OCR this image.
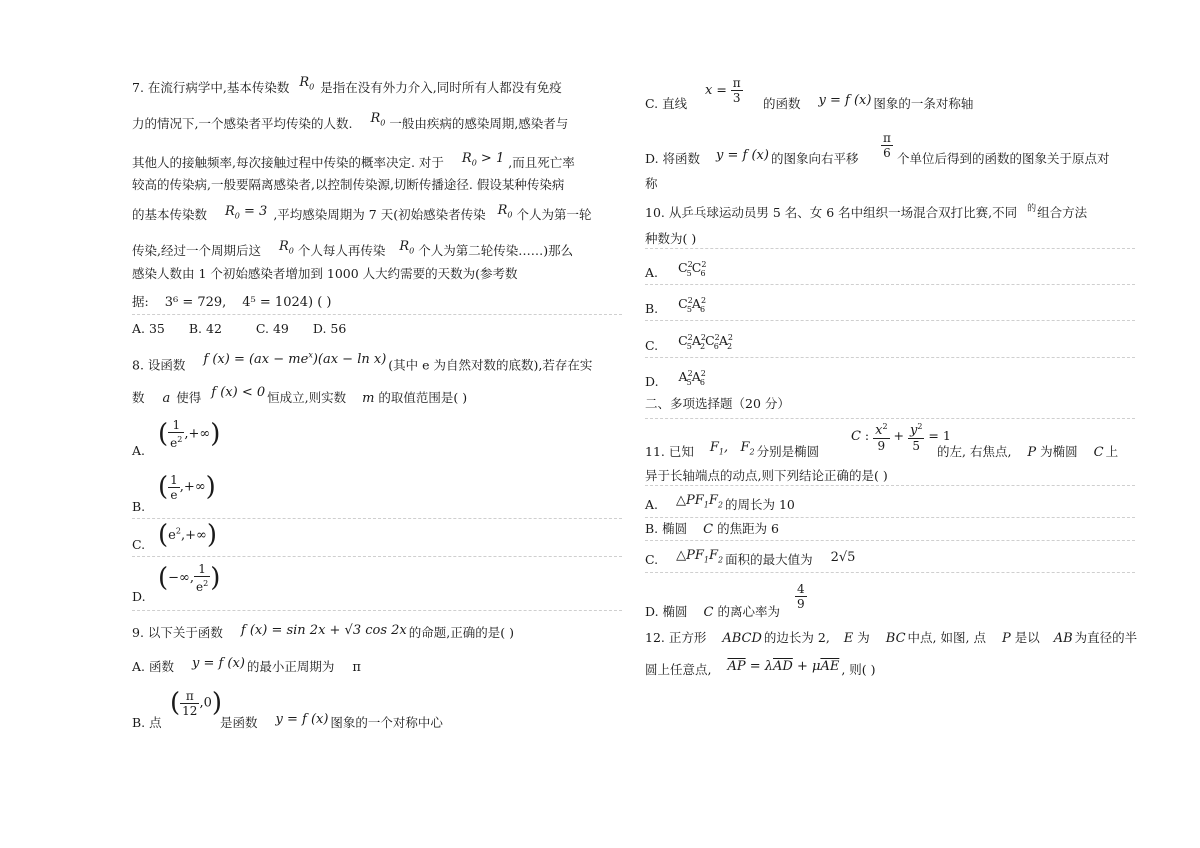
7. 在流行病学中,基本传染数 $R_0$ 是指在没有外力介入,同时所有人都没有免疫
力的情况下,一个感染者平均传染的人数. $R_0$ 一般由疾病的感染周期,感染者与
其他人的接触频率,每次接触过程中传染的概率决定. 对于 $R_0 > 1$ ,而且死亡率
较高的传染病,一般要隔离感染者,以控制传染源,切断传播途径. 假设某种传染病
的基本传染数 $R_0 = 3$ ,平均感染周期为 7 天(初始感染者传染 $R_0$ 个人为第一轮
传染,经过一个周期后这 $R_0$ 个人每人再传染 $R_0$ 个人为第二轮传染……)那么
感染人数由 1 个初始感染者增加到 1000 人大约需要的天数为(参考数
据: 3⁶ = 729, 4⁵ = 1024) ( )
A. 35 B. 42	C. 49 D. 56
8. 设函数 f $(x) = (ax - me^x)(ax - \ln x)$ (其中 e 为自然对数的底数),若存在实
数 a 使得 f (x) < 0 恒成立,则实数 m 的取值范围是( )
A.
( $\frac{1}{e^2}$ ,+∞)
B.
( $\frac{1}{e}$ ,+∞)
C. $(e^2,+\infty)$
D.
(−∞, $\frac{1}{e^2}$ )
9. 以下关于函数 f (x) = sin 2x + √3 cos 2x 的命题,正确的是( )
A. 函数 y = f (x) 的最小正周期为 π
B. 点
( $\frac{\pi}{12} ,0$)
是函数 y = f (x) 图象的一个对称中心
C. 直线
$x = \frac{\pi}{3}$ 的函数 y = f (x) 图象的一条对称轴
D. 将函数 y = f (x) 的图象向右平移 $\frac{\pi}{6}$ 个单位后得到的函数的图象关于原点对
称
10. 从乒乓球运动员男 5 名、女 6 名中组织一场混合双打比赛,不同 $^的$组合方法
种数为( )
A. $C^2_5C^2_6$
B. $C^2_5A^2_6$
C. $C^2_5A^2_2C^2_6A^2_2$
D. $A^2_5A^2_6$
二、多项选择题（20 分）
11. 已知 $F_1$,   $F_2$ 分别是椭圆
C : $\frac{x^2}{9} + \frac{y^2}{5} = 1$
的左, 右焦点, P 为椭圆 C 上
异于长轴端点的动点,则下列结论正确的是( )
A. $\triangle PF_1F_2$ 的周长为 10
B. 椭圆 C 的焦距为 6
C. $\triangle PF_1F_2$ 面积的最大值为 2√5
D. 椭圆 C 的离心率为
$\frac{4}{9}$
12. 正方形 ABCD 的边长为 2, E 为 BC 中点, 如图, 点 P 是以 AB 为直径的半
圆上任意点, $\overline{AP} = \lambda\overline{AD} + \mu\overline{AE}$ , 则( )
